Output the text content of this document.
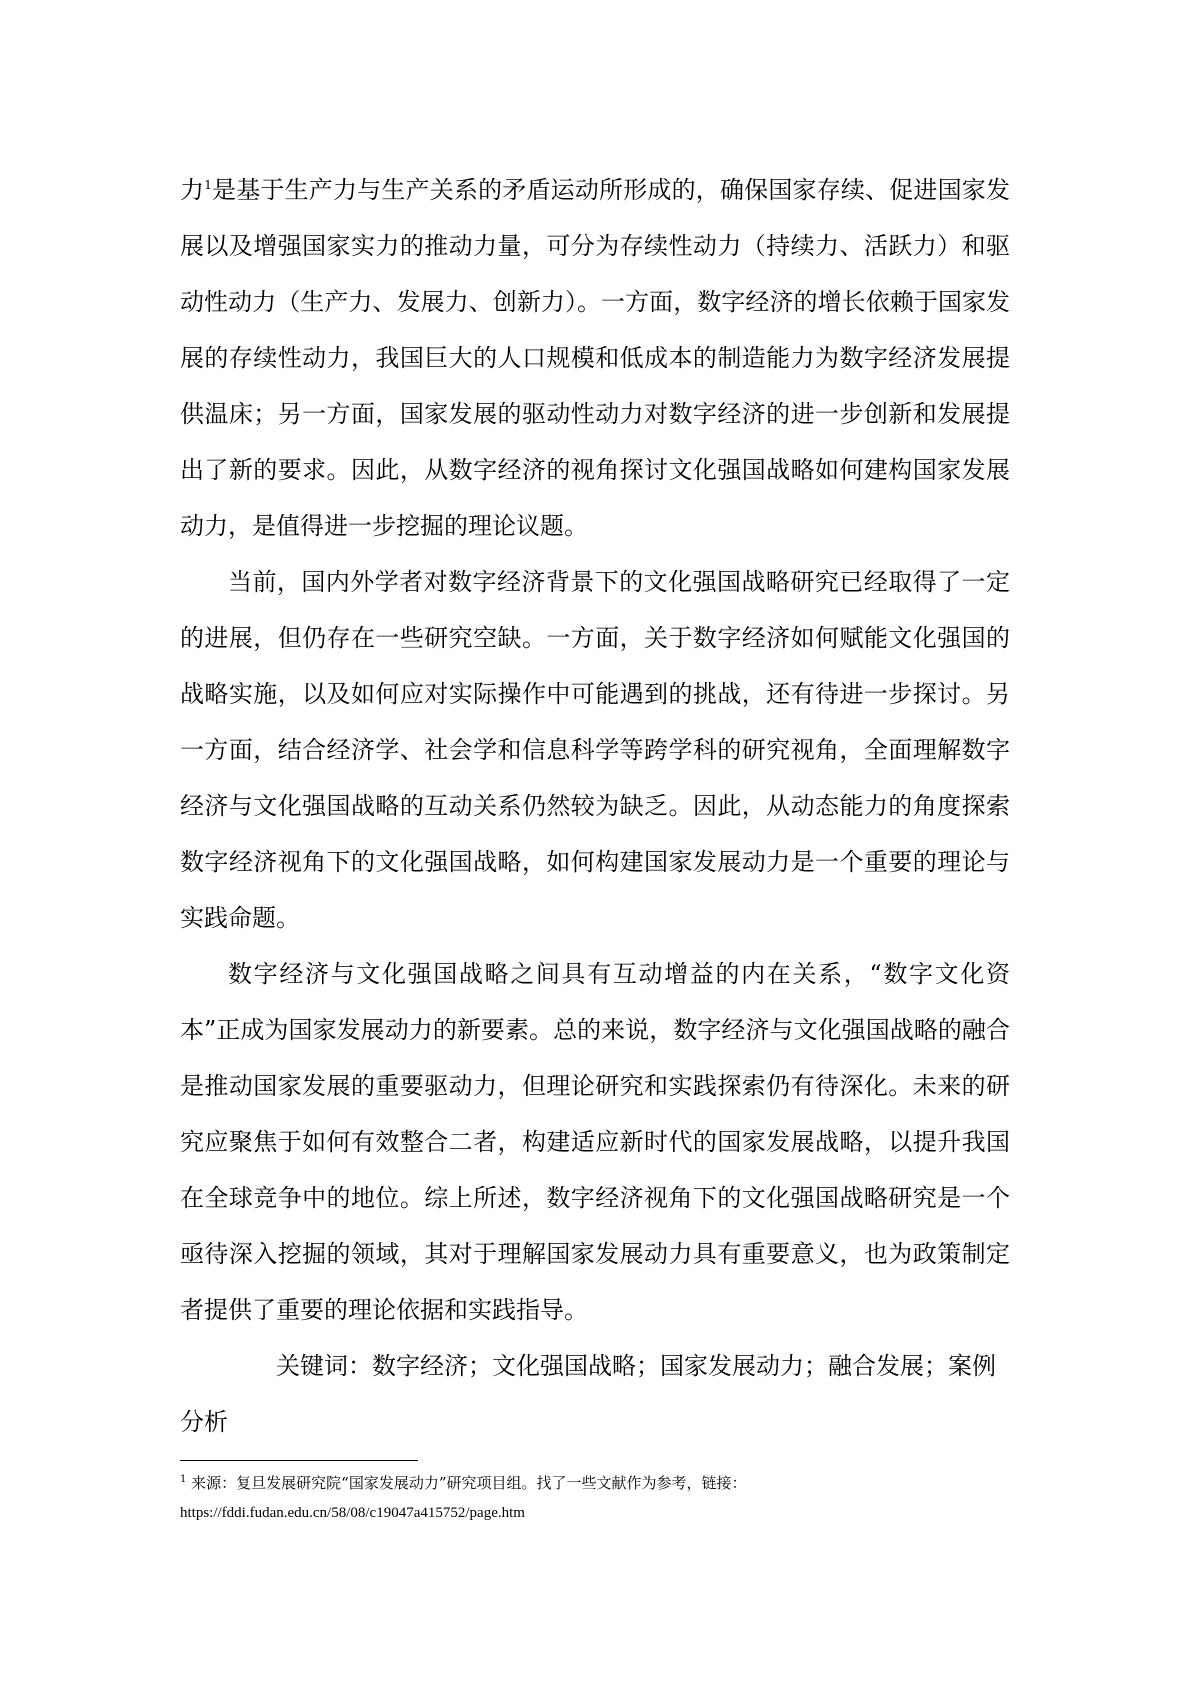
力$^1$是基于生产力与生产关系的矛盾运动所形成的，确保国家存续、促进国家发展以及增强国家实力的推动力量，可分为存续性动力（持续力、活跃力）和驱动性动力（生产力、发展力、创新力）。一方面，数字经济的增长依赖于国家发展的存续性动力，我国巨大的人口规模和低成本的制造能力为数字经济发展提供温床；另一方面，国家发展的驱动性动力对数字经济的进一步创新和发展提出了新的要求。因此，从数字经济的视角探讨文化强国战略如何建构国家发展动力，是值得进一步挖掘的理论议题。

当前，国内外学者对数字经济背景下的文化强国战略研究已经取得了一定的进展，但仍存在一些研究空缺。一方面，关于数字经济如何赋能文化强国的战略实施，以及如何应对实际操作中可能遇到的挑战，还有待进一步探讨。另一方面，结合经济学、社会学和信息科学等跨学科的研究视角，全面理解数字经济与文化强国战略的互动关系仍然较为缺乏。因此，从动态能力的角度探索数字经济视角下的文化强国战略，如何构建国家发展动力是一个重要的理论与实践命题。

数字经济与文化强国战略之间具有互动增益的内在关系，“数字文化资本”正成为国家发展动力的新要素。总的来说，数字经济与文化强国战略的融合是推动国家发展的重要驱动力，但理论研究和实践探索仍有待深化。未来的研究应聚焦于如何有效整合二者，构建适应新时代的国家发展战略，以提升我国在全球竞争中的地位。综上所述，数字经济视角下的文化强国战略研究是一个亟待深入挖掘的领域，其对于理解国家发展动力具有重要意义，也为政策制定者提供了重要的理论依据和实践指导。

关键词：数字经济；文化强国战略；国家发展动力；融合发展；案例分析

$^1$ 来源：复旦发展研究院“国家发展动力”研究项目组。找了一些文献作为参考，链接：
https://fddi.fudan.edu.cn/58/08/c19047a415752/page.htm
